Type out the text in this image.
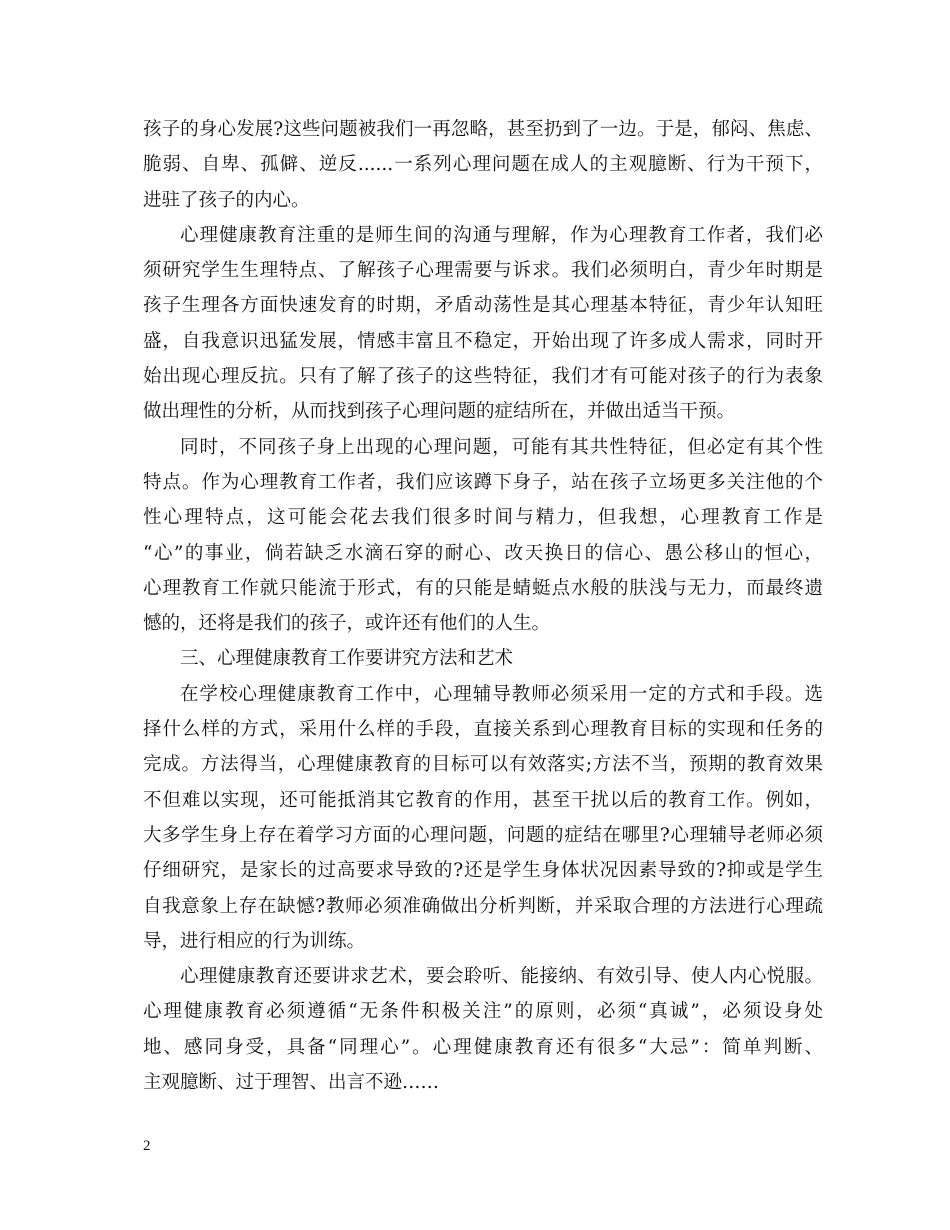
孩子的身心发展?这些问题被我们一再忽略，甚至扔到了一边。于是，郁闷、焦虑、
脆弱、自卑、孤僻、逆反......一系列心理问题在成人的主观臆断、行为干预下，
进驻了孩子的内心。
心理健康教育注重的是师生间的沟通与理解，作为心理教育工作者，我们必
须研究学生生理特点、了解孩子心理需要与诉求。我们必须明白，青少年时期是
孩子生理各方面快速发育的时期，矛盾动荡性是其心理基本特征，青少年认知旺
盛，自我意识迅猛发展，情感丰富且不稳定，开始出现了许多成人需求，同时开
始出现心理反抗。只有了解了孩子的这些特征，我们才有可能对孩子的行为表象
做出理性的分析，从而找到孩子心理问题的症结所在，并做出适当干预。
同时，不同孩子身上出现的心理问题，可能有其共性特征，但必定有其个性
特点。作为心理教育工作者，我们应该蹲下身子，站在孩子立场更多关注他的个
性心理特点，这可能会花去我们很多时间与精力，但我想，心理教育工作是
“心”的事业，倘若缺乏水滴石穿的耐心、改天换日的信心、愚公移山的恒心，
心理教育工作就只能流于形式，有的只能是蜻蜓点水般的肤浅与无力，而最终遗
憾的，还将是我们的孩子，或许还有他们的人生。
三、心理健康教育工作要讲究方法和艺术
在学校心理健康教育工作中，心理辅导教师必须采用一定的方式和手段。选
择什么样的方式，采用什么样的手段，直接关系到心理教育目标的实现和任务的
完成。方法得当，心理健康教育的目标可以有效落实;方法不当，预期的教育效果
不但难以实现，还可能抵消其它教育的作用，甚至干扰以后的教育工作。例如，
大多学生身上存在着学习方面的心理问题，问题的症结在哪里?心理辅导老师必须
仔细研究，是家长的过高要求导致的?还是学生身体状况因素导致的?抑或是学生
自我意象上存在缺憾?教师必须准确做出分析判断，并采取合理的方法进行心理疏
导，进行相应的行为训练。
心理健康教育还要讲求艺术，要会聆听、能接纳、有效引导、使人内心悦服。
心理健康教育必须遵循“无条件积极关注”的原则，必须“真诚”，必须设身处
地、感同身受，具备“同理心”。心理健康教育还有很多“大忌”：简单判断、
主观臆断、过于理智、出言不逊……
2
